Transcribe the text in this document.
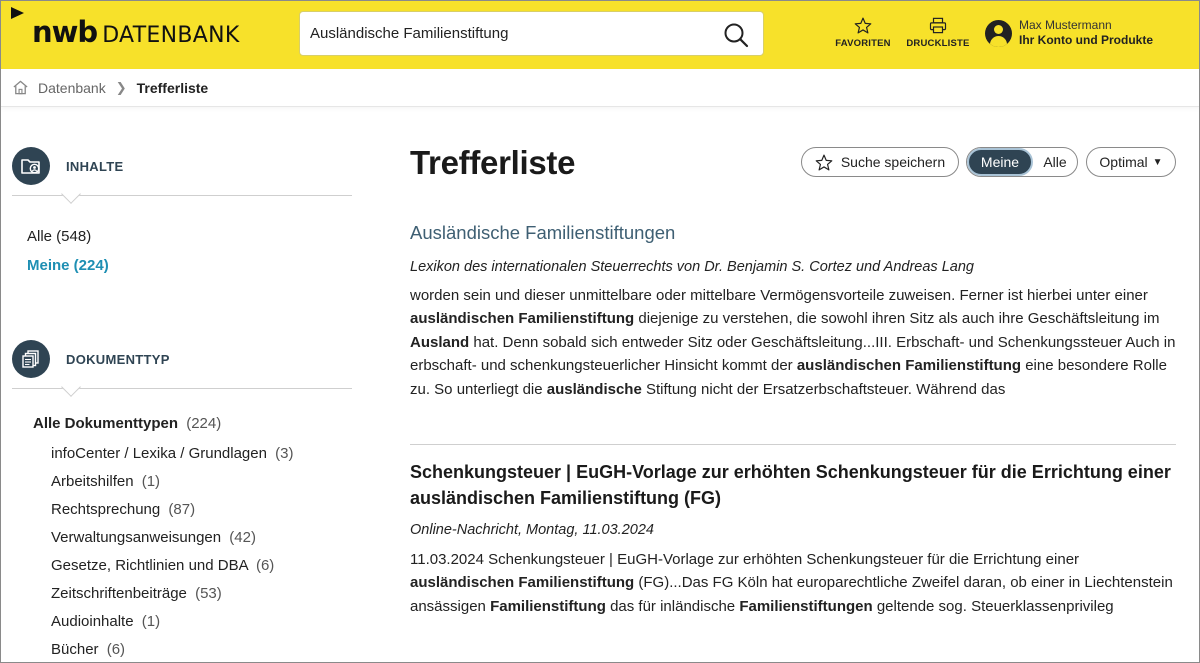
nwb DATENBANK
Ausländische Familienstiftung	FAVORITEN	DRUCKLISTE
Max Mustermann
Ihr Konto und Produkte
Datenbank ❯ Trefferliste
INHALTE
Alle (548)
Meine (224)
DOKUMENTTYP
Alle Dokumenttypen (224)
infoCenter / Lexika / Grundlagen (3)
Arbeitshilfen (1)
Rechtsprechung (87)
Verwaltungsanweisungen (42)
Gesetze, Richtlinien und DBA (6)
Zeitschriftenbeiträge (53)
Audioinhalte (1)
Bücher (6)
Trefferliste	Suche speichern	Meine	Alle	Optimal ▼
Ausländische Familienstiftungen
Lexikon des internationalen Steuerrechts von Dr. Benjamin S. Cortez und Andreas Lang
worden sein und dieser unmittelbare oder mittelbare Vermögensvorteile zuweisen. Ferner ist hierbei unter einer ausländischen Familienstiftung diejenige zu verstehen, die sowohl ihren Sitz als auch ihre Geschäftsleitung im Ausland hat. Denn sobald sich entweder Sitz oder Geschäftsleitung...III. Erbschaft- und Schenkungssteuer Auch in erbschaft- und schenkungsteuerlicher Hinsicht kommt der ausländischen Familienstiftung eine besondere Rolle zu. So unterliegt die ausländische Stiftung nicht der Ersatzerbschaftsteuer. Während das
Schenkungsteuer | EuGH-Vorlage zur erhöhten Schenkungsteuer für die Errichtung einer ausländischen Familienstiftung (FG)
Online-Nachricht, Montag, 11.03.2024
11.03.2024 Schenkungsteuer | EuGH-Vorlage zur erhöhten Schenkungsteuer für die Errichtung einer ausländischen Familienstiftung (FG)...Das FG Köln hat europarechtliche Zweifel daran, ob einer in Liechtenstein ansässigen Familienstiftung das für inländische Familienstiftungen geltende sog. Steuerklassenprivileg
